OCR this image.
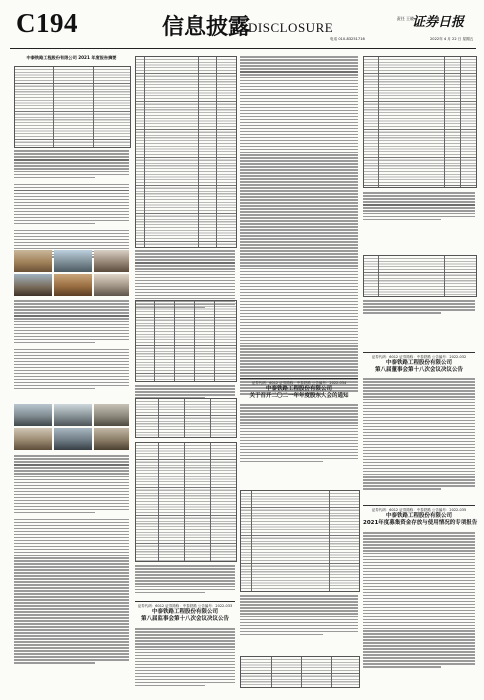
C194	信息披露
DISCLOSURE
责任 王晓
证券日报
电话 010-83251716	2022年 4 月 22 日 星期五
中泰铁路工程股份有限公司 2021 年度报告摘要
证券代码：6012 证券简称：中泰铁路 公告编号：2022-033
中泰铁路工程股份有限公司
第八届监事会第十八次会议决议公告
证券代码：6012 证券简称：中泰铁路 公告编号：2022-034
中泰铁路工程股份有限公司
关于召开二〇二一年年度股东大会的通知
证券代码：6012 证券简称：中泰铁路 公告编号：2022-032
中泰铁路工程股份有限公司
第八届董事会第十八次会议决议公告
证券代码：6012 证券简称：中泰铁路 公告编号：2022-035
中泰铁路工程股份有限公司
2021年度募集资金存放与使用情况的专项报告
